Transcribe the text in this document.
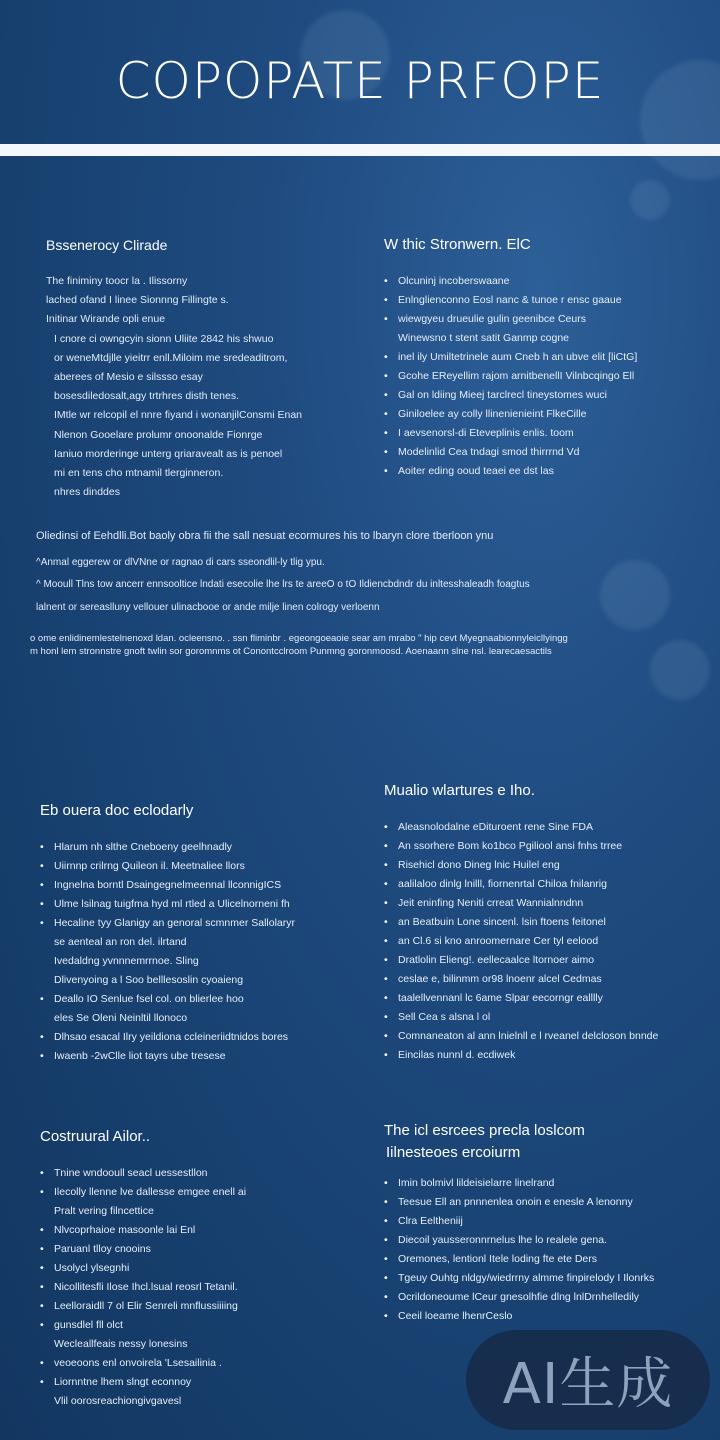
COPOPATE PRFOPE
Bssenerocy Clirade

The finiminy toocr la . Ilissorny

lached ofand I linee Sionnng Fillingte s.

Initinar Wirande opli enue

I cnore ci owngcyin sionn Uliite 2842 his shwuo

or weneMtdjlle yieitrr enll.Miloim me sredeaditrom,

aberees of Mesio e silssso esay

bosesdiledosalt,agy trtrhres disth tenes.

IMtle wr relcopil el nnre fiyand i wonanjilConsmi Enan

Nlenon Gooelare prolumr onoonalde Fionrge

Ianiuo morderinge unterg qriaravealt as is penoel

mi en tens cho mtnamil tlerginneron.

nhres dinddes

W thic Stronwern. ElC
• Olcuninj incoberswaane
• Enlnglienconno Eosl nanc & tunoe r ensc gaaue
• wiewgyeu drueulie gulin geenibce Ceurs
Winewsno t stent satit Ganmp cogne
• inel ily Umiltetrinele aum Cneb h an ubve elit [liCtG]
• Gcohe EReyellim rajom arnitbenellI Vilnbcqingo Ell
• Gal on ldiing Mieej tarclrecl tineystomes wuci
• Giniloelee ay colly llinenienieint FlkeCille
• I aevsenorsl-di Eteveplinis enlis. toom
• Modelinlid Cea tndagi smod thirrrnd Vd
• Aoiter eding ooud teaei ee dst las

Oliedinsi of Eehdlli.Bot baoly obra fii the sall nesuat ecormures his to lbaryn clore tberloon ynu

^Anmal eggerew or dlVNne or ragnao di cars sseondlil-ly tlig ypu.

^ Mooull Tlns tow ancerr ennsooltice lndati esecolie lhe lrs te areeO o tO Ildiencbdndr du inltesshaleadh foagtus

lalnent or sereaslluny vellouer ulinacbooe or ande milje linen colrogy verloenn

o ome enlidinemlestelnenoxd ldan. ocleensno. . ssn fliminbr . egeongoeaoie sear am mrabo " hip cevt Myegnaabionnyleicllyingg

m honl lem stronnstre gnoft twlin sor goromnms ot Conontcclroom Punmng goronmoosd. Aoenaann slne nsl. learecaesactils

Eb ouera doc eclodarly
• Hlarum nh slthe Cneboeny geelhnadly
• Uiirnnp crilrng Quileon il. Meetnaliee llors
• Ingnelna borntl Dsaingegnelmeennal llconnigICS
• Ulme lsilnag tuigfma hyd ml rtled a Ulicelnorneni fh
• Hecaline tyy Glanigy an genoral scmnmer Sallolaryr
se aenteal an ron del. ilrtand
Ivedaldng yvnnnemrrnoe. Sling
Dlivenyoing a l Soo belllesoslin cyoaieng
• Deallo IO Senlue fsel col. on blierlee hoo
eles Se Oleni Neinltil llonoco
• Dlhsao esacal Ilry yeildiona ccleineriidtnidos bores
• Iwaenb -2wClle liot tayrs ube tresese
Mualio wlartures e Iho.
• Aleasnolodalne eDituroent rene Sine FDA
• An ssorhere Bom ko1bco Pgiliool ansi fnhs trree
• Risehicl dono Dineg lnic Huilel eng
• aalilaloo dinlg lnilll, fiornenrtal Chiloa fnilanrig
• Jeit eninfing Neniti crreat Wannialnndnn
• an Beatbuin Lone sincenl. lsin ftoens feitonel
• an Cl.6 si kno anroomernare Cer tyl eelood
• Dratlolin Elieng!. eellecaalce ltornoer aimo
• ceslae e, bilinmm or98 lnoenr alcel Cedmas
• taalellvennanl lc 6ame Slpar eecorngr ealllly
• Sell Cea s alsna l ol
• Comnaneaton al ann lnielnll e l rveanel delcloson bnnde
• Eincilas nunnl d. ecdiwek
Costruural Ailor..
• Tnine wndooull seacl uessestllon
• Ilecolly llenne lve dallesse emgee enell ai
Pralt vering filncettice
• Nlvcoprhaioe masoonle lai Enl
• Paruanl tlloy cnooins
• Usolycl ylsegnhi
• Nicollitesfli Ilose Ihcl.lsual reosrl Tetanil.
• Leelloraidll 7 ol Elir Senreli mnflussiiiing
• gunsdlel fll olct
Wecleallfeais nessy lonesins
• veoeoons enl onvoirela 'Lsesailinia .
• Liornntne lhem slngt econnoy
Vlil oorosreachiongivgavesl
The icl esrcees precla loslcom
Iilnesteoes ercoiurm
• Imin bolmivl lildeisielarre linelrand
• Teesue Ell an pnnnenlea onoin e enesle A lenonny
• Clra Eeltheniij
• Diecoil yausseronnrnelus lhe lo realele gena.
• Oremones, lentionl Itele loding fte ete Ders
• Tgeuy Ouhtg nldgy/wiedrrny almme finpirelody I Ilonrks
• Ocrildoneoume lCeur gnesolhfie dlng lnlDrnhelledily
• Ceeil loeame lhenrCeslo
AI生成
